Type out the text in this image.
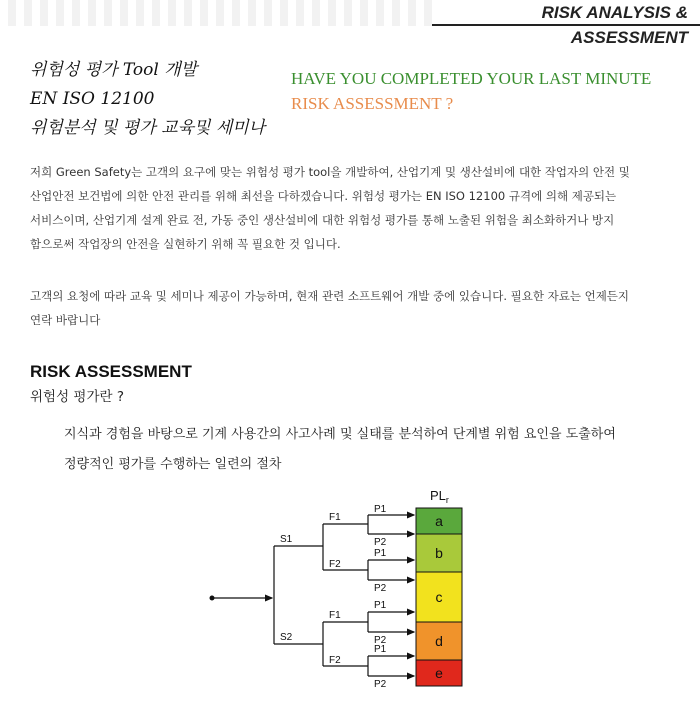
RISK ANALYSIS & ASSESSMENT
위험성 평가 Tool 개발
EN ISO 12100
위험분석 및 평가 교육및 세미나
HAVE YOU COMPLETED YOUR LAST MINUTE
RISK ASSESSMENT ?
저희 Green Safety는 고객의 요구에 맞는 위험성 평가 tool을 개발하여, 산업기계 및 생산설비에 대한 작업자의 안전 및
산업안전 보건법에 의한 안전 관리를 위해 최선을 다하겠습니다. 위험성 평가는 EN ISO 12100 규격에 의해 제공되는
서비스이며, 산업기계 설계 완료 전, 가동 중인 생산설비에 대한 위험성 평가를 통해 노출된 위험을 최소화하거나 방지
함으로써 작업장의 안전을 실현하기 위해 꼭 필요한 것 입니다.
고객의 요청에 따라 교육 및 세미나 제공이 가능하며, 현재 관련 소프트웨어 개발 중에 있습니다. 필요한 자료는 언제든지
연락 바랍니다
RISK ASSESSMENT
위험성 평가란 ?
지식과 경험을 바탕으로 기계 사용간의 사고사례 및 실태를 분석하여 단계별 위험 요인을 도출하여
정량적인 평가를 수행하는 일련의 절차
S1
S2
F1
F2
F1
F2
P1
P2
P1
P2
P1
P2
P1
P2
$PL_r$
a
b
c
d
e
